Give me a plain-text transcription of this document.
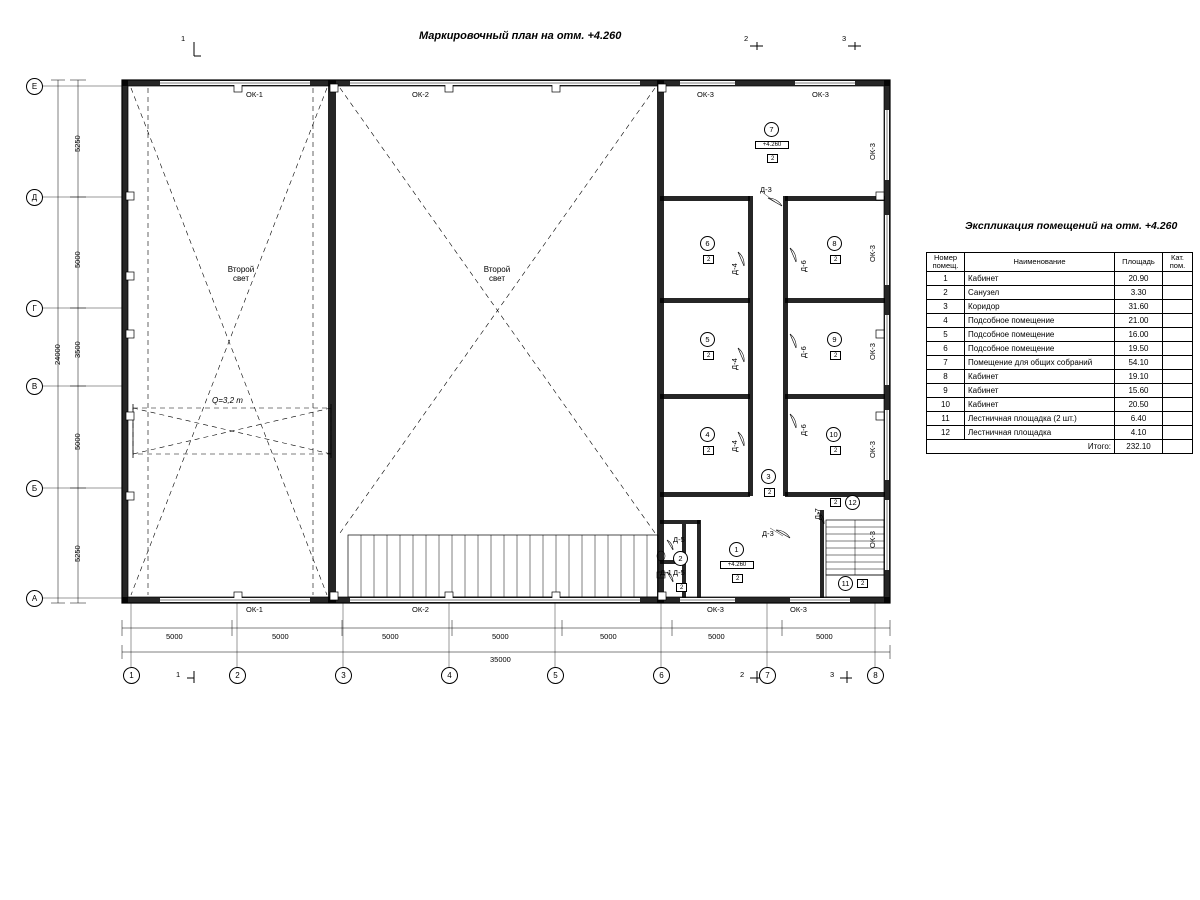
Маркировочный план на отм. +4.260
Экспликация помещений на отм. +4.260
Е
Д
Г
В
Б
А
1	2	3	4	5	6	7	8
5000	5000	5000	5000	5000	5000	5000
35000
5250
5000
3500
5000
5250
24000
1	2	3
1	2	3
ОК-1	ОК-2	ОК-3	ОК-3
ОК-1	ОК-2	ОК-3	ОК-3
ОК-3
ОК-3
ОК-3
ОК-3
ОК-3
Д-3
Д-4
Д-4
Д-4
Д-6
Д-6
Д-6
Д-3
Д-7
Д-5
Д-5
Д-1
Второй
свет
Второй
свет
Q=3,2 т
7
+4.260
2
6
2
5
2
4
2
3
2
8
2
9
2
10
2
1
+4.260
2
2
2	11	2
12
2
Номер помещ.	Наименование	Площадь	Кат. пом.
1	Кабинет	20.90	
2	Санузел	3.30	
3	Коридор	31.60	
4	Подсобное помещение	21.00	
5	Подсобное помещение	16.00	
6	Подсобное помещение	19.50	
7	Помещение для общих собраний	54.10	
8	Кабинет	19.10	
9	Кабинет	15.60	
10	Кабинет	20.50	
11	Лестничная площадка (2 шт.)	6.40	
12	Лестничная площадка	4.10	
Итого:		232.10	
